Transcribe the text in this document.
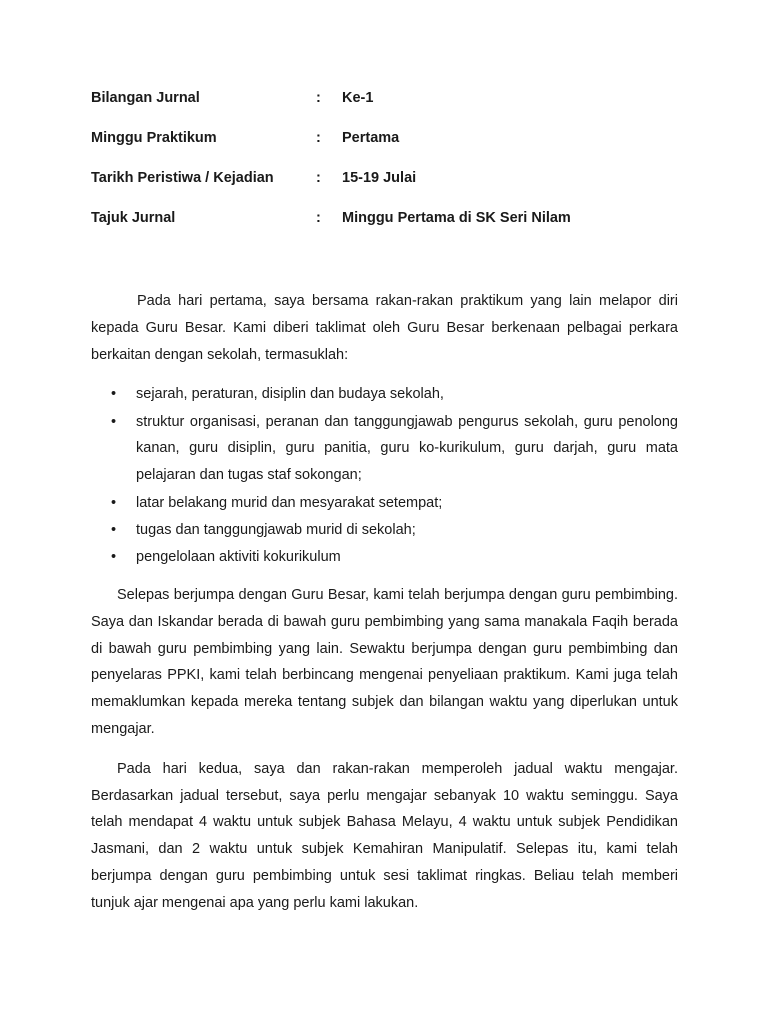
Bilangan Jurnal	: Ke-1
Minggu Praktikum	: Pertama
Tarikh Peristiwa / Kejadian	: 15-19 Julai
Tajuk Jurnal	: Minggu Pertama di SK Seri Nilam

Pada hari pertama, saya bersama rakan-rakan praktikum yang lain melapor diri kepada Guru Besar. Kami diberi taklimat oleh Guru Besar berkenaan pelbagai perkara berkaitan dengan sekolah, termasuklah:

• sejarah, peraturan, disiplin dan budaya sekolah,
• struktur organisasi, peranan dan tanggungjawab pengurus sekolah, guru penolong kanan, guru disiplin, guru panitia, guru ko-kurikulum, guru darjah, guru mata pelajaran dan tugas staf sokongan;
• latar belakang murid dan mesyarakat setempat;
• tugas dan tanggungjawab murid di sekolah;
• pengelolaan aktiviti kokurikulum

Selepas berjumpa dengan Guru Besar, kami telah berjumpa dengan guru pembimbing. Saya dan Iskandar berada di bawah guru pembimbing yang sama manakala Faqih berada di bawah guru pembimbing yang lain. Sewaktu berjumpa dengan guru pembimbing dan penyelaras PPKI, kami telah berbincang mengenai penyeliaan praktikum. Kami juga telah memaklumkan kepada mereka tentang subjek dan bilangan waktu yang diperlukan untuk mengajar.

Pada hari kedua, saya dan rakan-rakan memperoleh jadual waktu mengajar. Berdasarkan jadual tersebut, saya perlu mengajar sebanyak 10 waktu seminggu. Saya telah mendapat 4 waktu untuk subjek Bahasa Melayu, 4 waktu untuk subjek Pendidikan Jasmani, dan 2 waktu untuk subjek Kemahiran Manipulatif. Selepas itu, kami telah berjumpa dengan guru pembimbing untuk sesi taklimat ringkas. Beliau telah memberi tunjuk ajar mengenai apa yang perlu kami lakukan.
